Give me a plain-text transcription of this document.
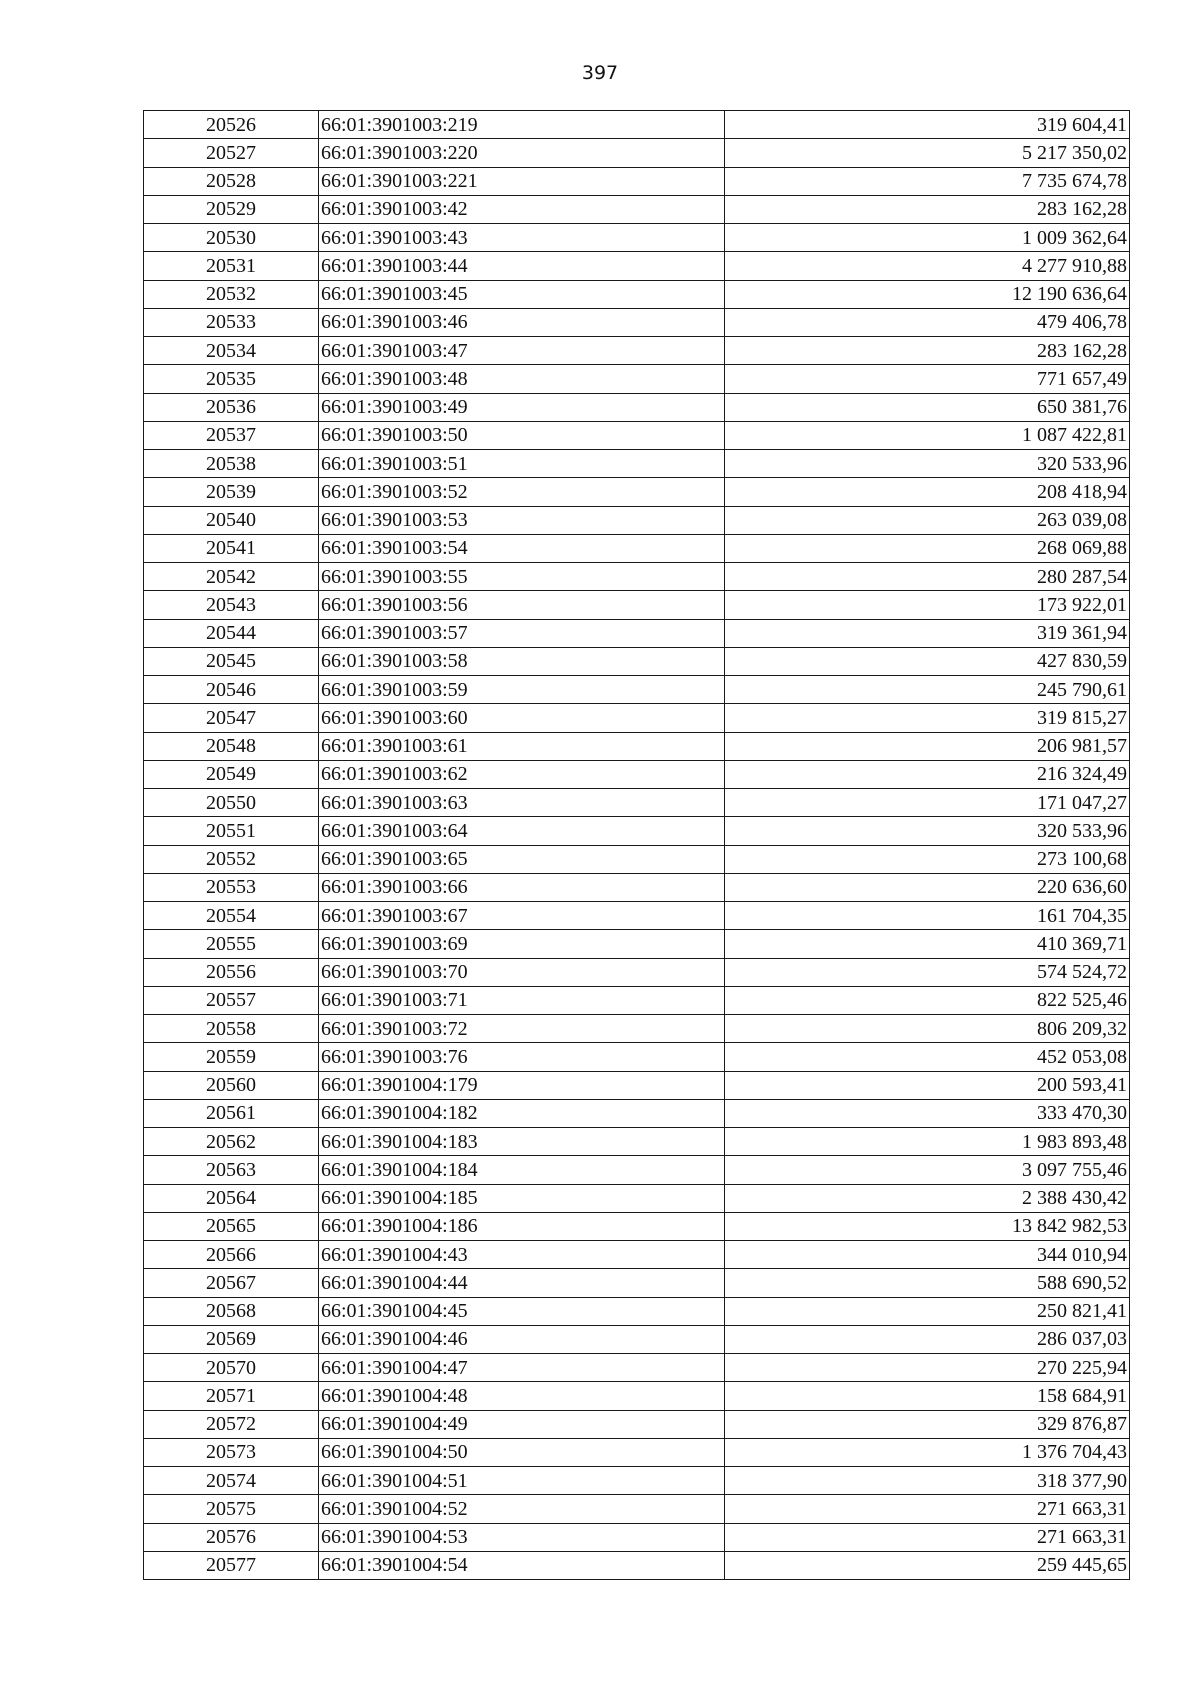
397
20526	66:01:3901003:219	319 604,41
20527	66:01:3901003:220	5 217 350,02
20528	66:01:3901003:221	7 735 674,78
20529	66:01:3901003:42	283 162,28
20530	66:01:3901003:43	1 009 362,64
20531	66:01:3901003:44	4 277 910,88
20532	66:01:3901003:45	12 190 636,64
20533	66:01:3901003:46	479 406,78
20534	66:01:3901003:47	283 162,28
20535	66:01:3901003:48	771 657,49
20536	66:01:3901003:49	650 381,76
20537	66:01:3901003:50	1 087 422,81
20538	66:01:3901003:51	320 533,96
20539	66:01:3901003:52	208 418,94
20540	66:01:3901003:53	263 039,08
20541	66:01:3901003:54	268 069,88
20542	66:01:3901003:55	280 287,54
20543	66:01:3901003:56	173 922,01
20544	66:01:3901003:57	319 361,94
20545	66:01:3901003:58	427 830,59
20546	66:01:3901003:59	245 790,61
20547	66:01:3901003:60	319 815,27
20548	66:01:3901003:61	206 981,57
20549	66:01:3901003:62	216 324,49
20550	66:01:3901003:63	171 047,27
20551	66:01:3901003:64	320 533,96
20552	66:01:3901003:65	273 100,68
20553	66:01:3901003:66	220 636,60
20554	66:01:3901003:67	161 704,35
20555	66:01:3901003:69	410 369,71
20556	66:01:3901003:70	574 524,72
20557	66:01:3901003:71	822 525,46
20558	66:01:3901003:72	806 209,32
20559	66:01:3901003:76	452 053,08
20560	66:01:3901004:179	200 593,41
20561	66:01:3901004:182	333 470,30
20562	66:01:3901004:183	1 983 893,48
20563	66:01:3901004:184	3 097 755,46
20564	66:01:3901004:185	2 388 430,42
20565	66:01:3901004:186	13 842 982,53
20566	66:01:3901004:43	344 010,94
20567	66:01:3901004:44	588 690,52
20568	66:01:3901004:45	250 821,41
20569	66:01:3901004:46	286 037,03
20570	66:01:3901004:47	270 225,94
20571	66:01:3901004:48	158 684,91
20572	66:01:3901004:49	329 876,87
20573	66:01:3901004:50	1 376 704,43
20574	66:01:3901004:51	318 377,90
20575	66:01:3901004:52	271 663,31
20576	66:01:3901004:53	271 663,31
20577	66:01:3901004:54	259 445,65
